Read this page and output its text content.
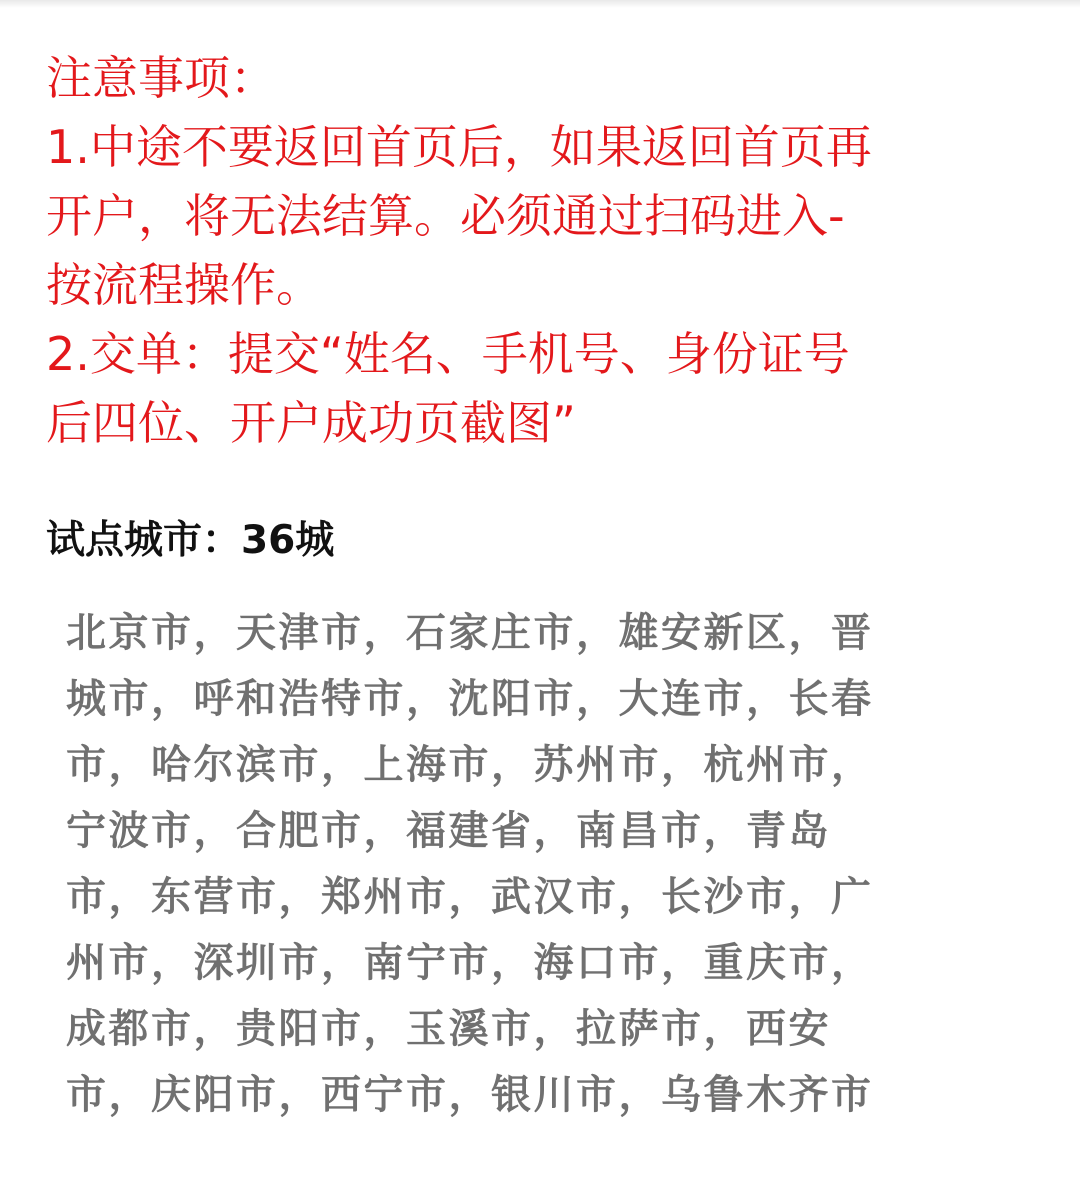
注意事项：
1.中途不要返回首页后，如果返回首页再
开户，将无法结算。必须通过扫码进入-
按流程操作。
2.交单：提交“姓名、手机号、身份证号
后四位、开户成功页截图”
试点城市：36城
北京市，天津市，石家庄市，雄安新区，晋
城市，呼和浩特市，沈阳市，大连市，长春
市，哈尔滨市，上海市，苏州市，杭州市，
宁波市，合肥市，福建省，南昌市，青岛
市，东营市，郑州市，武汉市，长沙市，广
州市，深圳市，南宁市，海口市，重庆市，
成都市，贵阳市，玉溪市，拉萨市，西安
市，庆阳市，西宁市，银川市，乌鲁木齐市
